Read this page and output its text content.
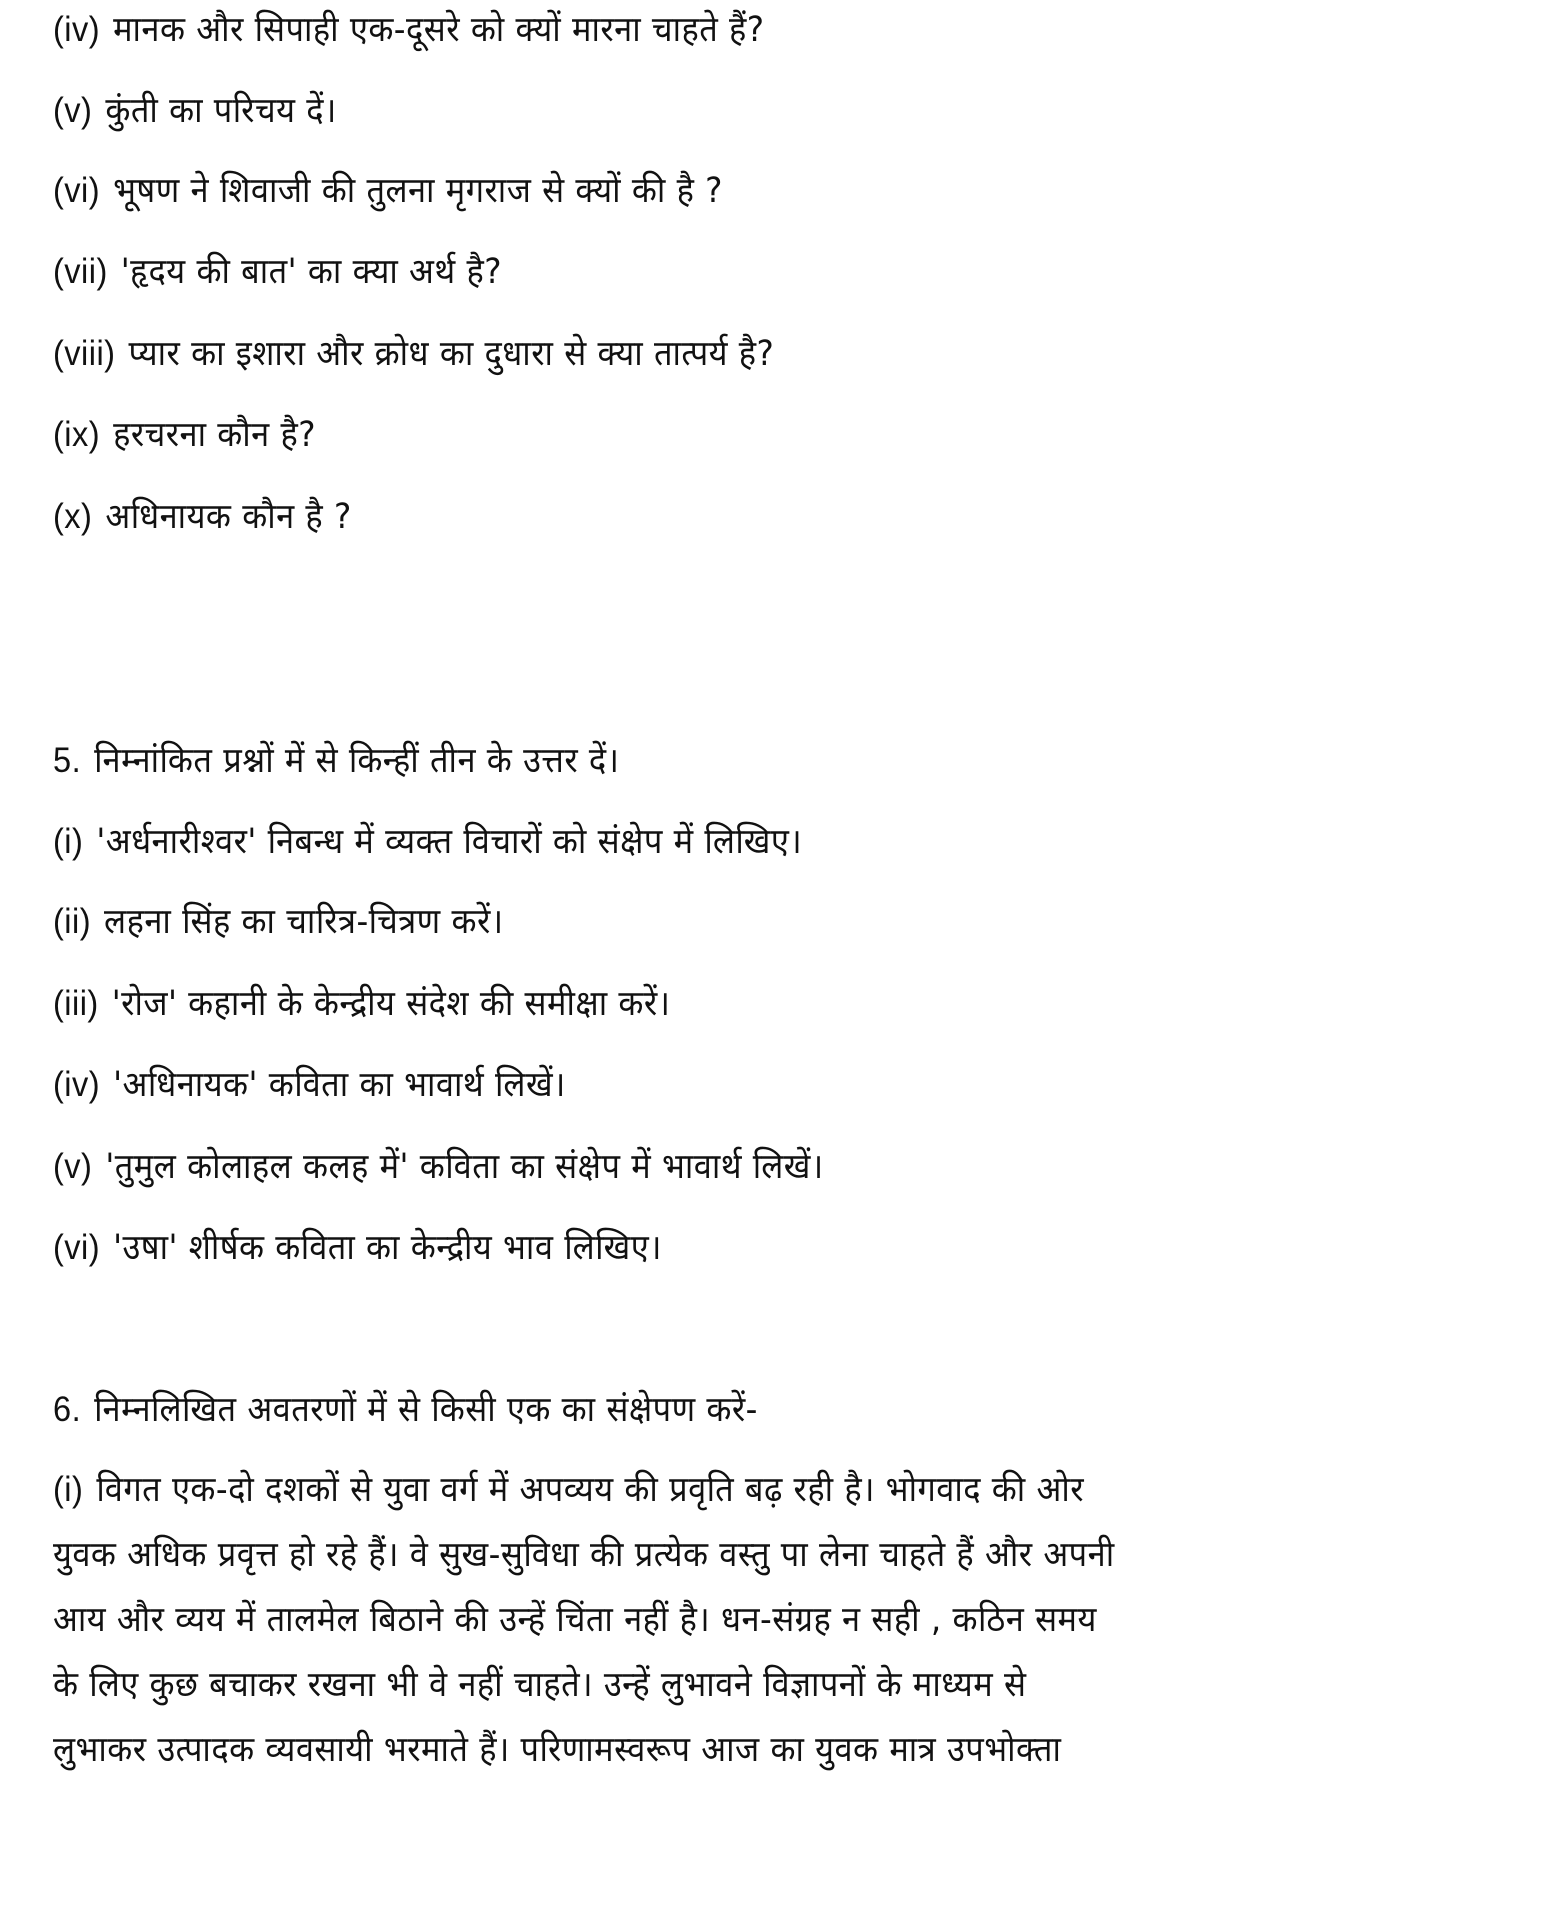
(iv) मानक और सिपाही एक-दूसरे को क्यों मारना चाहते हैं?
(v) कुंती का परिचय दें।
(vi) भूषण ने शिवाजी की तुलना मृगराज से क्यों की है ?
(vii) 'हृदय की बात' का क्या अर्थ है?
(viii) प्यार का इशारा और क्रोध का दुधारा से क्या तात्पर्य है?
(ix) हरचरना कौन है?
(x) अधिनायक कौन है ?
5. निम्नांकित प्रश्नों में से किन्हीं तीन के उत्तर दें।
(i) 'अर्धनारीश्वर' निबन्ध में व्यक्त विचारों को संक्षेप में लिखिए।
(ii) लहना सिंह का चारित्र-चित्रण करें।
(iii) 'रोज' कहानी के केन्द्रीय संदेश की समीक्षा करें।
(iv) 'अधिनायक' कविता का भावार्थ लिखें।
(v) 'तुमुल कोलाहल कलह में' कविता का संक्षेप में भावार्थ लिखें।
(vi) 'उषा' शीर्षक कविता का केन्द्रीय भाव लिखिए।
6. निम्नलिखित अवतरणों में से किसी एक का संक्षेपण करें-
(i) विगत एक-दो दशकों से युवा वर्ग में अपव्यय की प्रवृति बढ़ रही है। भोगवाद की ओर
युवक अधिक प्रवृत्त हो रहे हैं। वे सुख-सुविधा की प्रत्येक वस्तु पा लेना चाहते हैं और अपनी
आय और व्यय में तालमेल बिठाने की उन्हें चिंता नहीं है। धन-संग्रह न सही , कठिन समय
के लिए कुछ बचाकर रखना भी वे नहीं चाहते। उन्हें लुभावने विज्ञापनों के माध्यम से
लुभाकर उत्पादक व्यवसायी भरमाते हैं। परिणामस्वरूप आज का युवक मात्र उपभोक्ता
